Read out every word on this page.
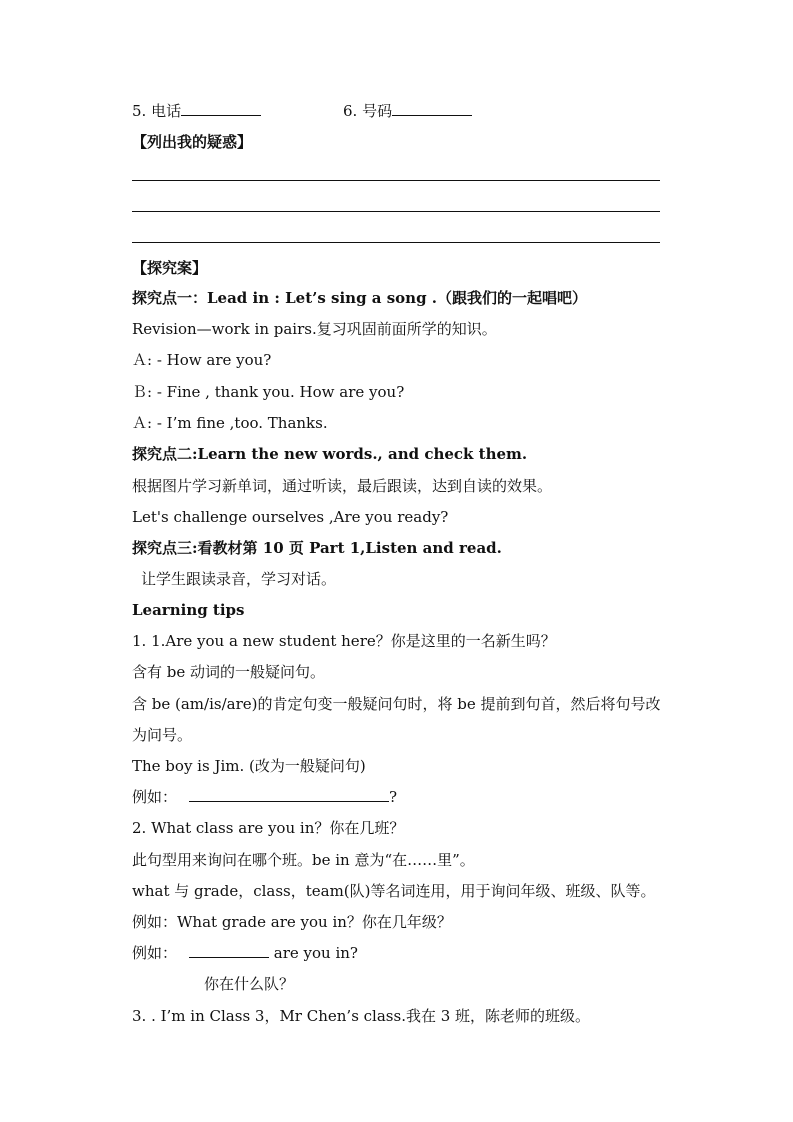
5. 电话	6. 号码
【列出我的疑惑】
【探究案】
探究点一：Lead in : Let’s sing a song .（跟我们的一起唱吧）
Revision—work in pairs.复习巩固前面所学的知识。
Ａ: - How are you?
Ｂ: - Fine , thank you. How are you?
Ａ: - I’m fine ,too. Thanks.
探究点二:Learn the new words., and check them.
根据图片学习新单词，通过听读，最后跟读，达到自读的效果。
Let's challenge ourselves ,Are you ready?
探究点三:看教材第 10 页 Part 1,Listen and read.
让学生跟读录音，学习对话。
Learning tips
1. 1.Are you a new student here？你是这里的一名新生吗？
含有 be 动词的一般疑问句。
含 be (am/is/are)的肯定句变一般疑问句时，将 be 提前到句首，然后将句号改
为问号。
The boy is Jim. (改为一般疑问句)
例如：	?
2. What class are you in？你在几班？
此句型用来询问在哪个班。be in 意为“在……里”。
what 与 grade，class，team(队)等名词连用，用于询问年级、班级、队等。
例如：What grade are you in？你在几年级？
例如：	are you in?
你在什么队？
3. . I’m in Class 3，Mr Chen’s class.我在 3 班，陈老师的班级。
